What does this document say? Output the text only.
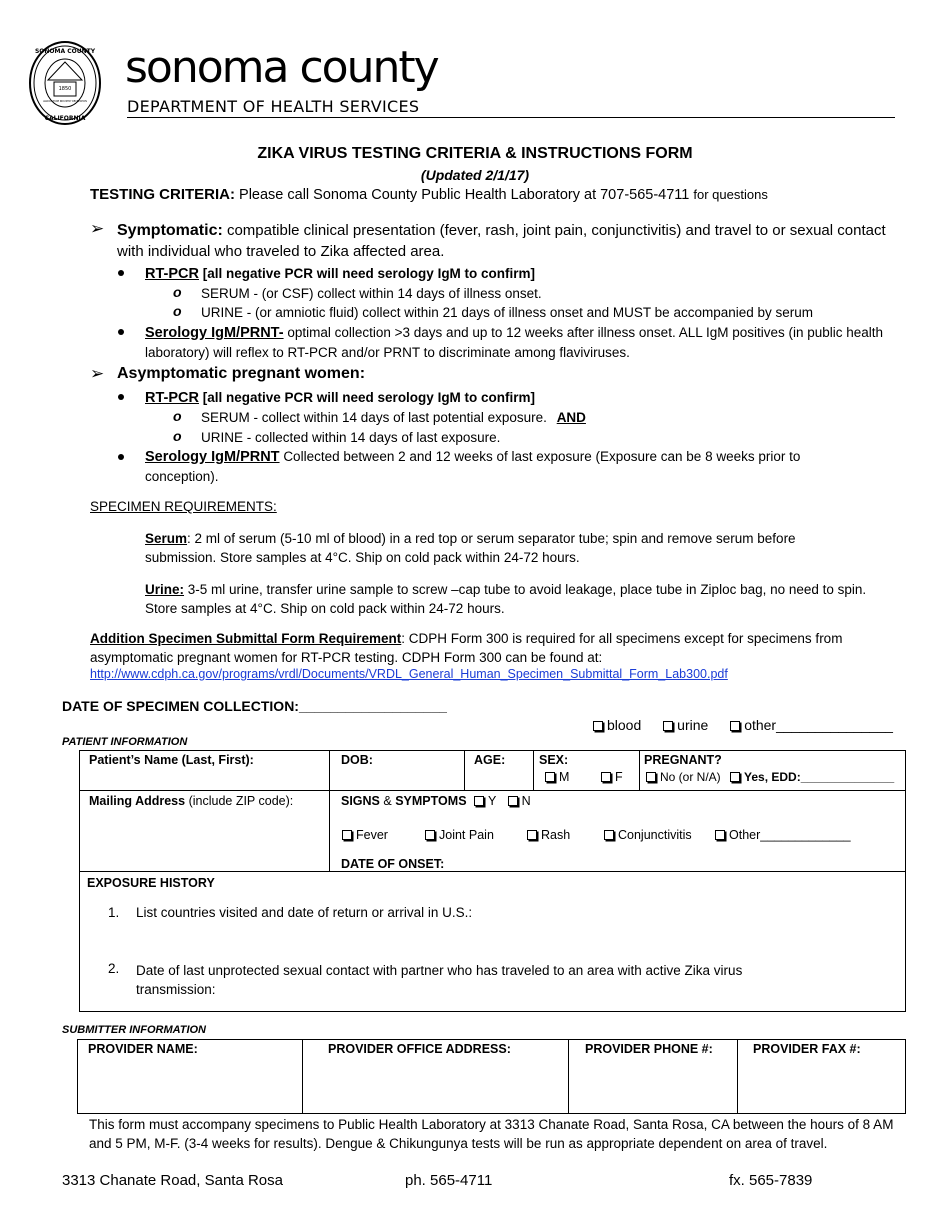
SONOMA COUNTY
1850
AGRICULTURE INDUSTRY RECREATION
CALIFORNIA
sonoma county
DEPARTMENT OF HEALTH SERVICES
ZIKA VIRUS TESTING CRITERIA & INSTRUCTIONS FORM
(Updated 2/1/17)
TESTING CRITERIA: Please call Sonoma County Public Health Laboratory at 707-565-4711 for questions
➢ Symptomatic: compatible clinical presentation (fever, rash, joint pain, conjunctivitis) and travel to or sexual contact with individual who traveled to Zika affected area.
RT-PCR [all negative PCR will need serology IgM to confirm]
o SERUM - (or CSF) collect within 14 days of illness onset.
o URINE - (or amniotic fluid) collect within 21 days of illness onset and MUST be accompanied by serum
Serology IgM/PRNT- optimal collection >3 days and up to 12 weeks after illness onset. ALL IgM positives (in public health laboratory) will reflex to RT-PCR and/or PRNT to discriminate among flaviviruses.
➢ Asymptomatic pregnant women:
RT-PCR [all negative PCR will need serology IgM to confirm]
o SERUM - collect within 14 days of last potential exposure. AND
o URINE - collected within 14 days of last exposure.
Serology IgM/PRNT Collected between 2 and 12 weeks of last exposure (Exposure can be 8 weeks prior to conception).
SPECIMEN REQUIREMENTS:
Serum: 2 ml of serum (5-10 ml of blood) in a red top or serum separator tube; spin and remove serum before submission. Store samples at 4°C. Ship on cold pack within 24-72 hours.
Urine: 3-5 ml urine, transfer urine sample to screw –cap tube to avoid leakage, place tube in Ziploc bag, no need to spin. Store samples at 4°C. Ship on cold pack within 24-72 hours.
Addition Specimen Submittal Form Requirement: CDPH Form 300 is required for all specimens except for specimens from asymptomatic pregnant women for RT-PCR testing. CDPH Form 300 can be found at:
http://www.cdph.ca.gov/programs/vrdl/Documents/VRDL_General_Human_Specimen_Submittal_Form_Lab300.pdf
DATE OF SPECIMEN COLLECTION:___________________
blood	urine	other_______________
PATIENT INFORMATION
Patient’s Name (Last, First):	DOB:	AGE:	SEX:
M	F
PREGNANT?
No (or N/A) Yes, EDD:______________
Mailing Address (include ZIP code):	SIGNS & SYMPTOMS Y N
Fever	Joint Pain	Rash	Conjunctivitis	Other_____________
DATE OF ONSET:
EXPOSURE HISTORY
1. List countries visited and date of return or arrival in U.S.:
2. Date of last unprotected sexual contact with partner who has traveled to an area with active Zika virus transmission:
SUBMITTER INFORMATION
PROVIDER NAME:	PROVIDER OFFICE ADDRESS:	PROVIDER PHONE #:	PROVIDER FAX #:
This form must accompany specimens to Public Health Laboratory at 3313 Chanate Road, Santa Rosa, CA between the hours of 8 AM and 5 PM, M-F. (3-4 weeks for results). Dengue & Chikungunya tests will be run as appropriate dependent on area of travel.
3313 Chanate Road, Santa Rosa	ph. 565-4711	fx. 565-7839
